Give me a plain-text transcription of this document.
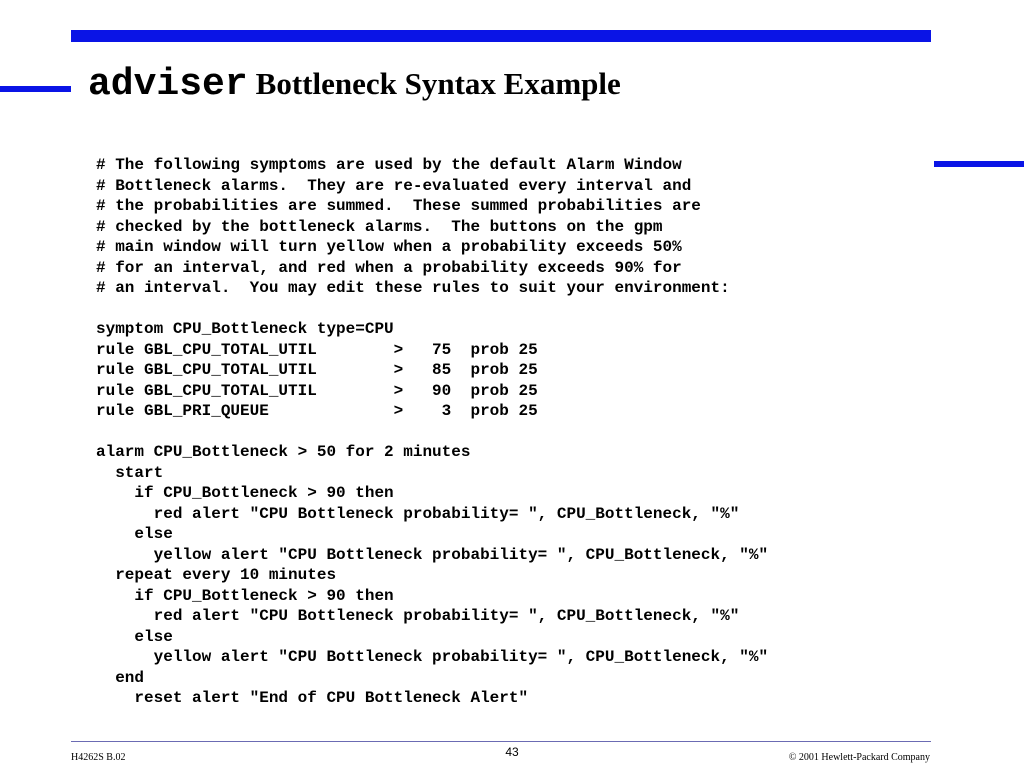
adviser Bottleneck Syntax Example
# The following symptoms are used by the default Alarm Window
# Bottleneck alarms.  They are re-evaluated every interval and
# the probabilities are summed.  These summed probabilities are
# checked by the bottleneck alarms.  The buttons on the gpm
# main window will turn yellow when a probability exceeds 50%
# for an interval, and red when a probability exceeds 90% for
# an interval.  You may edit these rules to suit your environment:
symptom CPU_Bottleneck type=CPU
rule GBL_CPU_TOTAL_UTIL        >   75  prob 25
rule GBL_CPU_TOTAL_UTIL        >   85  prob 25
rule GBL_CPU_TOTAL_UTIL        >   90  prob 25
rule GBL_PRI_QUEUE             >    3  prob 25
alarm CPU_Bottleneck > 50 for 2 minutes
start
if CPU_Bottleneck > 90 then
red alert "CPU Bottleneck probability= ", CPU_Bottleneck, "%"
else
yellow alert "CPU Bottleneck probability= ", CPU_Bottleneck, "%"
repeat every 10 minutes
if CPU_Bottleneck > 90 then
red alert "CPU Bottleneck probability= ", CPU_Bottleneck, "%"
else
yellow alert "CPU Bottleneck probability= ", CPU_Bottleneck, "%"
end
reset alert "End of CPU Bottleneck Alert"
H4262S B.02	43	© 2001 Hewlett-Packard Company
